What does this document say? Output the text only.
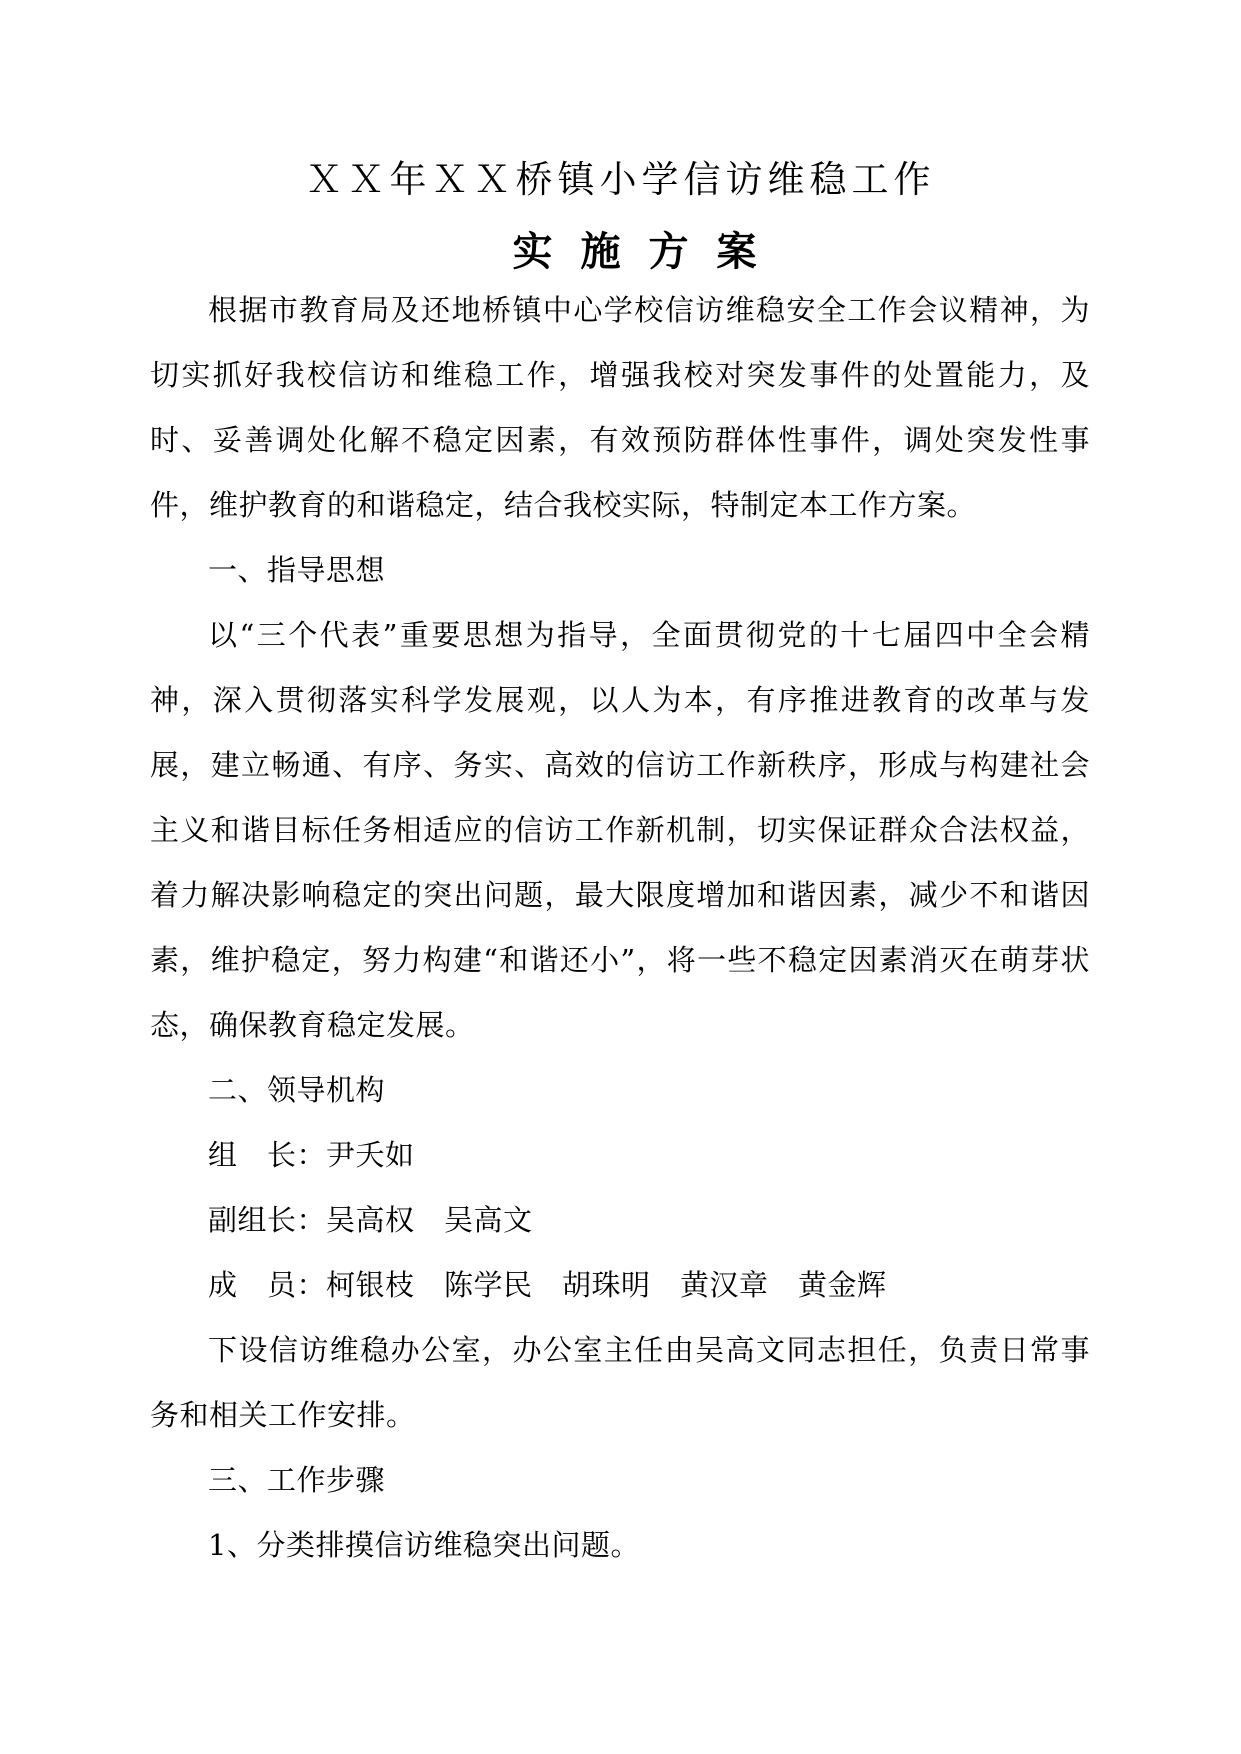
ＸＸ年ＸＸ桥镇小学信访维稳工作
实施方案

根据市教育局及还地桥镇中心学校信访维稳安全工作会议精神，为切实抓好我校信访和维稳工作，增强我校对突发事件的处置能力，及时、妥善调处化解不稳定因素，有效预防群体性事件，调处突发性事件，维护教育的和谐稳定，结合我校实际，特制定本工作方案。

一、指导思想

以“三个代表”重要思想为指导，全面贯彻党的十七届四中全会精神，深入贯彻落实科学发展观，以人为本，有序推进教育的改革与发展，建立畅通、有序、务实、高效的信访工作新秩序，形成与构建社会主义和谐目标任务相适应的信访工作新机制，切实保证群众合法权益，着力解决影响稳定的突出问题，最大限度增加和谐因素，减少不和谐因素，维护稳定，努力构建“和谐还小”，将一些不稳定因素消灭在萌芽状态，确保教育稳定发展。

二、领导机构

组　长：尹夭如

副组长：吴高权　吴高文

成　员：柯银枝　陈学民　胡珠明　黄汉章　黄金辉

下设信访维稳办公室，办公室主任由吴高文同志担任，负责日常事务和相关工作安排。

三、工作步骤

1、分类排摸信访维稳突出问题。
